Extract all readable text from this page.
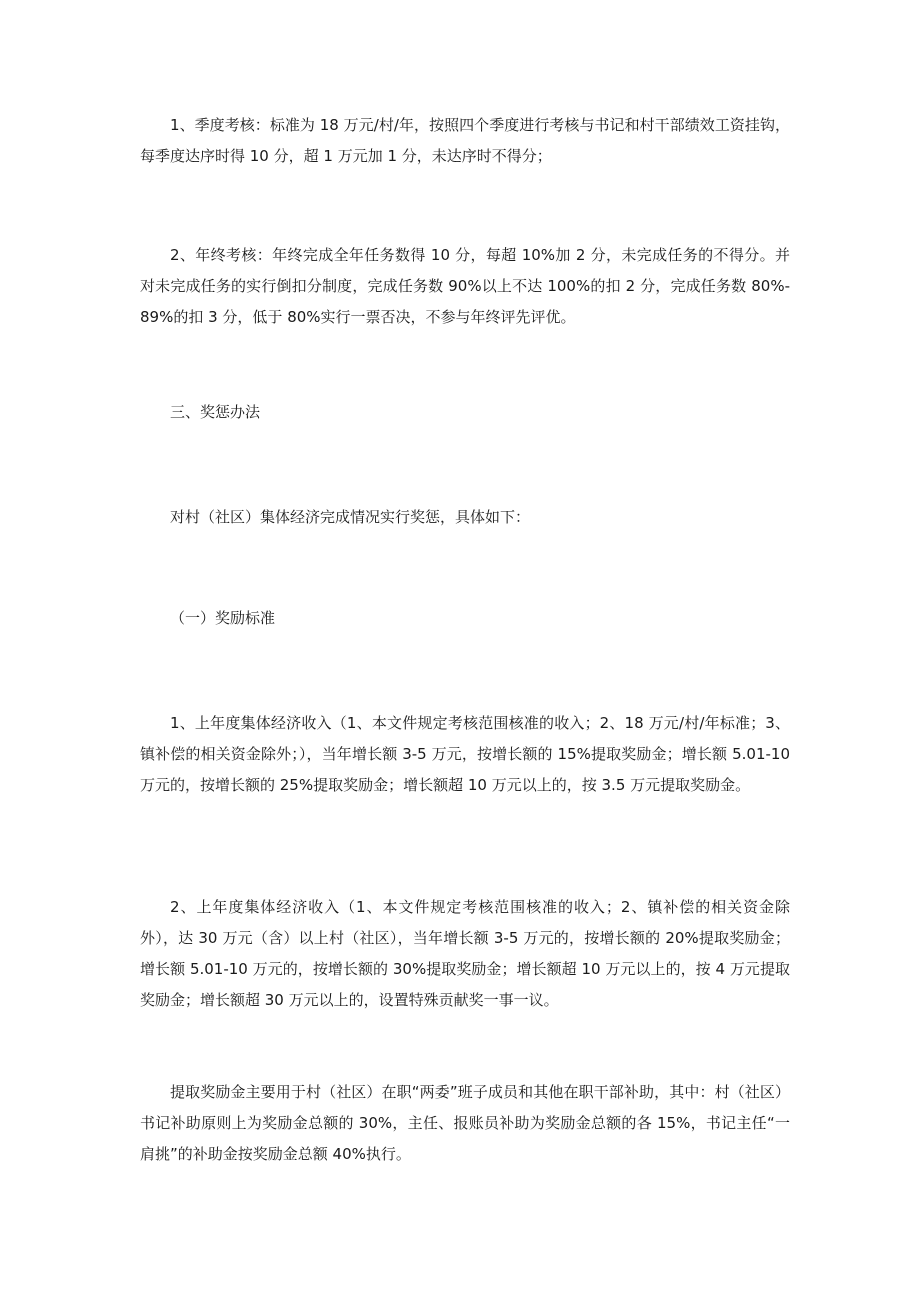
1、季度考核：标准为 18 万元/村/年，按照四个季度进行考核与书记和村干部绩效工资挂钩，每季度达序时得 10 分，超 1 万元加 1 分，未达序时不得分；

2、年终考核：年终完成全年任务数得 10 分，每超 10%加 2 分，未完成任务的不得分。并对未完成任务的实行倒扣分制度，完成任务数 90%以上不达 100%的扣 2 分，完成任务数 80%-89%的扣 3 分，低于 80%实行一票否决，不参与年终评先评优。

三、奖惩办法

对村（社区）集体经济完成情况实行奖惩，具体如下：

（一）奖励标准

1、上年度集体经济收入（1、本文件规定考核范围核准的收入；2、18 万元/村/年标准；3、镇补偿的相关资金除外；），当年增长额 3-5 万元，按增长额的 15%提取奖励金；增长额 5.01-10 万元的，按增长额的 25%提取奖励金；增长额超 10 万元以上的，按 3.5 万元提取奖励金。

2、上年度集体经济收入（1、本文件规定考核范围核准的收入；2、镇补偿的相关资金除外），达 30 万元（含）以上村（社区），当年增长额 3-5 万元的，按增长额的 20%提取奖励金；增长额 5.01-10 万元的，按增长额的 30%提取奖励金；增长额超 10 万元以上的，按 4 万元提取奖励金；增长额超 30 万元以上的，设置特殊贡献奖一事一议。

提取奖励金主要用于村（社区）在职“两委”班子成员和其他在职干部补助，其中：村（社区）书记补助原则上为奖励金总额的 30%，主任、报账员补助为奖励金总额的各 15%，书记主任“一肩挑”的补助金按奖励金总额 40%执行。
